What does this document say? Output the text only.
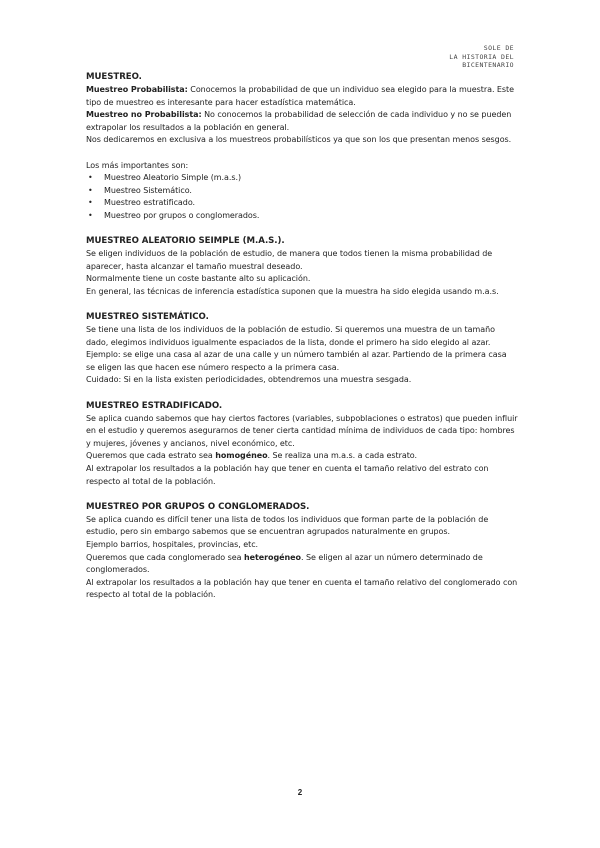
SOLE DE
LA HISTORIA DEL
BICENTENARIO
MUESTREO.

Muestreo Probabilista: Conocemos la probabilidad de que un individuo sea elegido para la muestra. Este tipo de muestreo es interesante para hacer estadística matemática.

Muestreo no Probabilista: No conocemos la probabilidad de selección de cada individuo y no se pueden extrapolar los resultados a la población en general.

Nos dedicaremos en exclusiva a los muestreos probabilísticos ya que son los que presentan menos sesgos.

Los más importantes son:

• Muestreo Aleatorio Simple (m.a.s.)
• Muestreo Sistemático.
• Muestreo estratificado.
• Muestreo por grupos o conglomerados.
MUESTREO ALEATORIO SEIMPLE (M.A.S.).

Se eligen individuos de la población de estudio, de manera que todos tienen la misma probabilidad de aparecer, hasta alcanzar el tamaño muestral deseado.

Normalmente tiene un coste bastante alto su aplicación.

En general, las técnicas de inferencia estadística suponen que la muestra ha sido elegida usando m.a.s.

MUESTREO SISTEMÁTICO.

Se tiene una lista de los individuos de la población de estudio. Si queremos una muestra de un tamaño dado, elegimos individuos igualmente espaciados de la lista, donde el primero ha sido elegido al azar.

Ejemplo: se elige una casa al azar de una calle y un número también al azar. Partiendo de la primera casa se eligen las que hacen ese número respecto a la primera casa.

Cuidado: Si en la lista existen periodicidades, obtendremos una muestra sesgada.

MUESTREO ESTRADIFICADO.

Se aplica cuando sabemos que hay ciertos factores (variables, subpoblaciones o estratos) que pueden influir en el estudio y queremos asegurarnos de tener cierta cantidad mínima de individuos de cada tipo: hombres y mujeres, jóvenes y ancianos, nivel económico, etc.

Queremos que cada estrato sea homogéneo. Se realiza una m.a.s. a cada estrato.

Al extrapolar los resultados a la población hay que tener en cuenta el tamaño relativo del estrato con respecto al total de la población.

MUESTREO POR GRUPOS O CONGLOMERADOS.

Se aplica cuando es difícil tener una lista de todos los individuos que forman parte de la población de estudio, pero sin embargo sabemos que se encuentran agrupados naturalmente en grupos.

Ejemplo barrios, hospitales, provincias, etc.

Queremos que cada conglomerado sea heterogéneo. Se eligen al azar un número determinado de conglomerados.

Al extrapolar los resultados a la población hay que tener en cuenta el tamaño relativo del conglomerado con respecto al total de la población.

2
